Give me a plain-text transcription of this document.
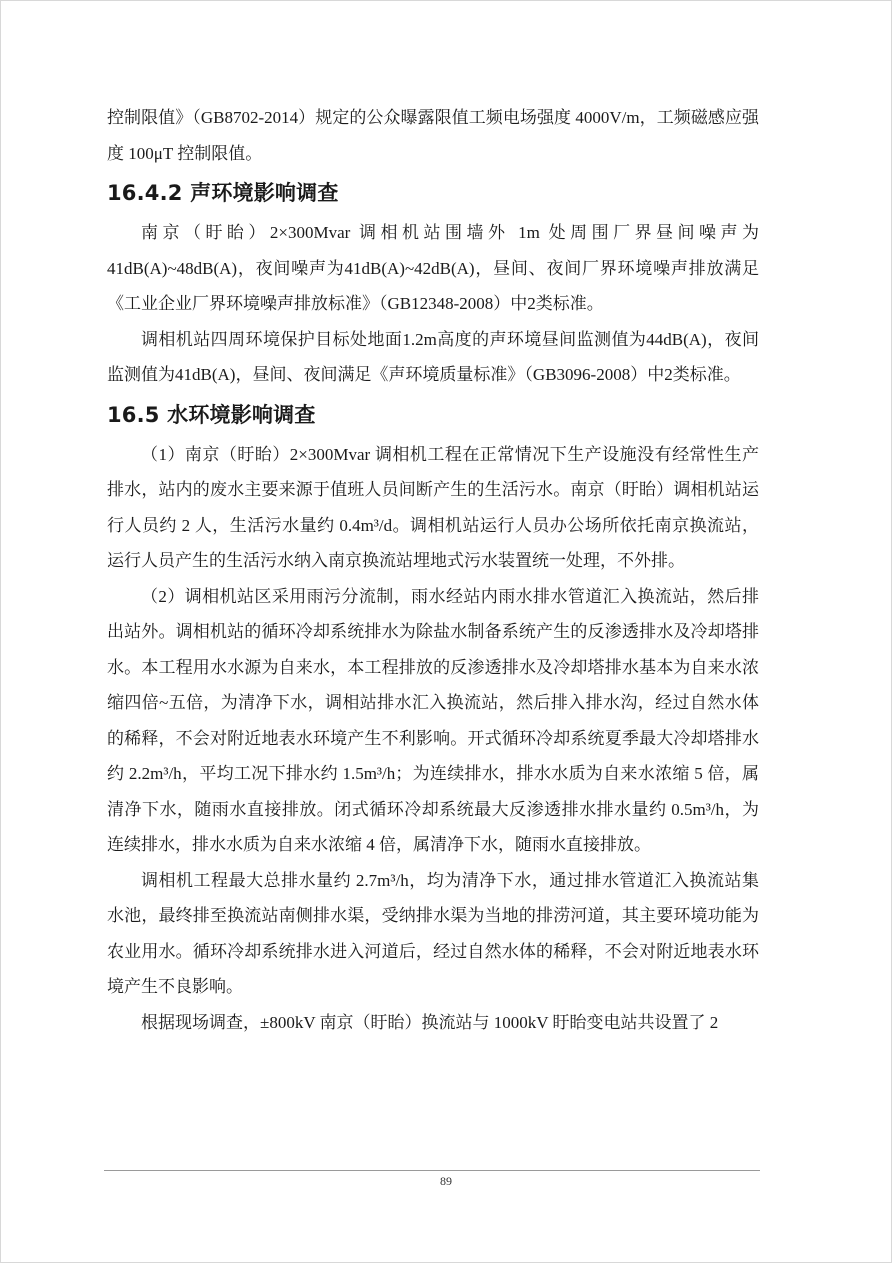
控制限值》（GB8702-2014）规定的公众曝露限值工频电场强度 4000V/m，工频磁感应强度 100μT 控制限值。

16.4.2 声环境影响调查

南京（盱眙）2×300Mvar 调相机站围墙外 1m 处周围厂界昼间噪声为 41dB(A)~48dB(A)，夜间噪声为41dB(A)~42dB(A)，昼间、夜间厂界环境噪声排放满足《工业企业厂界环境噪声排放标准》（GB12348-2008）中2类标准。

调相机站四周环境保护目标处地面1.2m高度的声环境昼间监测值为44dB(A)，夜间监测值为41dB(A)，昼间、夜间满足《声环境质量标准》（GB3096-2008）中2类标准。

16.5 水环境影响调查

（1）南京（盱眙）2×300Mvar 调相机工程在正常情况下生产设施没有经常性生产排水，站内的废水主要来源于值班人员间断产生的生活污水。南京（盱眙）调相机站运行人员约 2 人，生活污水量约 0.4m³/d。调相机站运行人员办公场所依托南京换流站，运行人员产生的生活污水纳入南京换流站埋地式污水装置统一处理，不外排。

（2）调相机站区采用雨污分流制，雨水经站内雨水排水管道汇入换流站，然后排出站外。调相机站的循环冷却系统排水为除盐水制备系统产生的反渗透排水及冷却塔排水。本工程用水水源为自来水，本工程排放的反渗透排水及冷却塔排水基本为自来水浓缩四倍~五倍，为清净下水，调相站排水汇入换流站，然后排入排水沟，经过自然水体的稀释，不会对附近地表水环境产生不利影响。开式循环冷却系统夏季最大冷却塔排水约 2.2m³/h，平均工况下排水约 1.5m³/h；为连续排水，排水水质为自来水浓缩 5 倍，属清净下水，随雨水直接排放。闭式循环冷却系统最大反渗透排水排水量约 0.5m³/h，为连续排水，排水水质为自来水浓缩 4 倍，属清净下水，随雨水直接排放。

调相机工程最大总排水量约 2.7m³/h，均为清净下水，通过排水管道汇入换流站集水池，最终排至换流站南侧排水渠，受纳排水渠为当地的排涝河道，其主要环境功能为农业用水。循环冷却系统排水进入河道后，经过自然水体的稀释，不会对附近地表水环境产生不良影响。

根据现场调查，±800kV 南京（盱眙）换流站与 1000kV 盱眙变电站共设置了 2

89
